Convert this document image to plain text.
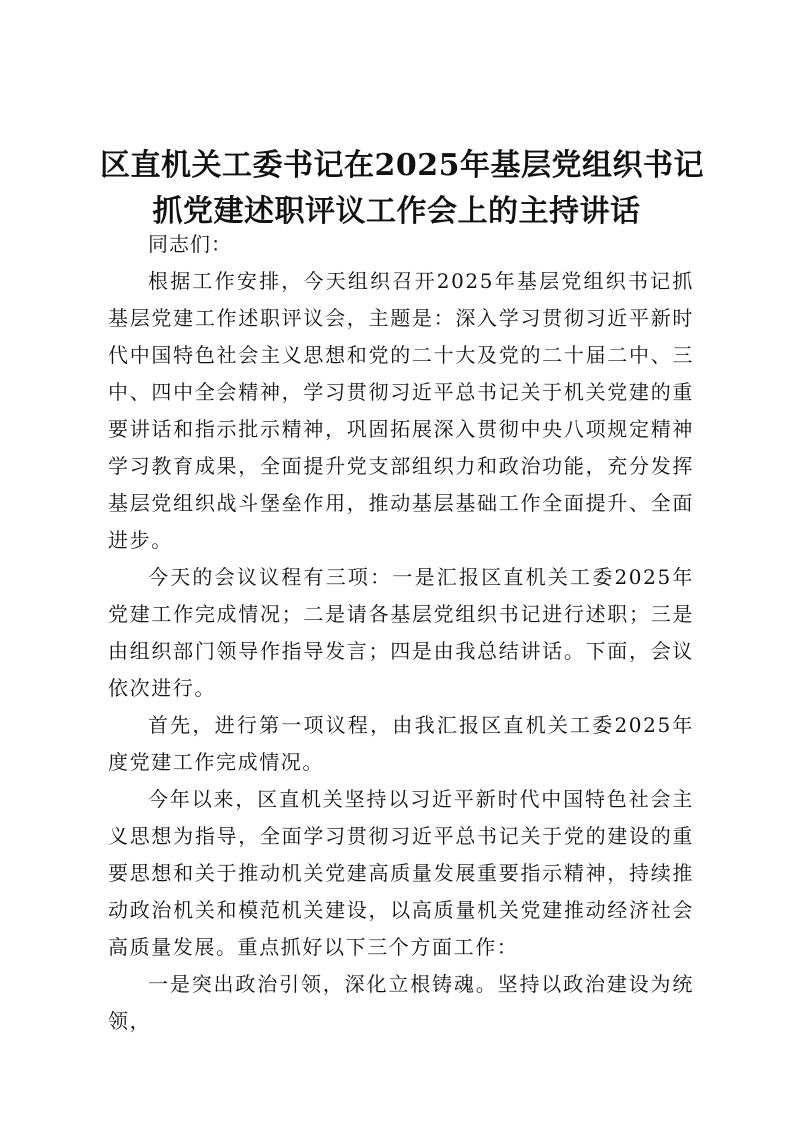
区直机关工委书记在2025年基层党组织书记
抓党建述职评议工作会上的主持讲话

同志们：

根据工作安排，今天组织召开2025年基层党组织书记抓基层党建工作述职评议会，主题是：深入学习贯彻习近平新时代中国特色社会主义思想和党的二十大及党的二十届二中、三中、四中全会精神，学习贯彻习近平总书记关于机关党建的重要讲话和指示批示精神，巩固拓展深入贯彻中央八项规定精神学习教育成果，全面提升党支部组织力和政治功能，充分发挥基层党组织战斗堡垒作用，推动基层基础工作全面提升、全面进步。

今天的会议议程有三项：一是汇报区直机关工委2025年党建工作完成情况；二是请各基层党组织书记进行述职；三是由组织部门领导作指导发言；四是由我总结讲话。下面，会议依次进行。

首先，进行第一项议程，由我汇报区直机关工委2025年度党建工作完成情况。

今年以来，区直机关坚持以习近平新时代中国特色社会主义思想为指导，全面学习贯彻习近平总书记关于党的建设的重要思想和关于推动机关党建高质量发展重要指示精神，持续推动政治机关和模范机关建设，以高质量机关党建推动经济社会高质量发展。重点抓好以下三个方面工作：

一是突出政治引领，深化立根铸魂。坚持以政治建设为统领，
